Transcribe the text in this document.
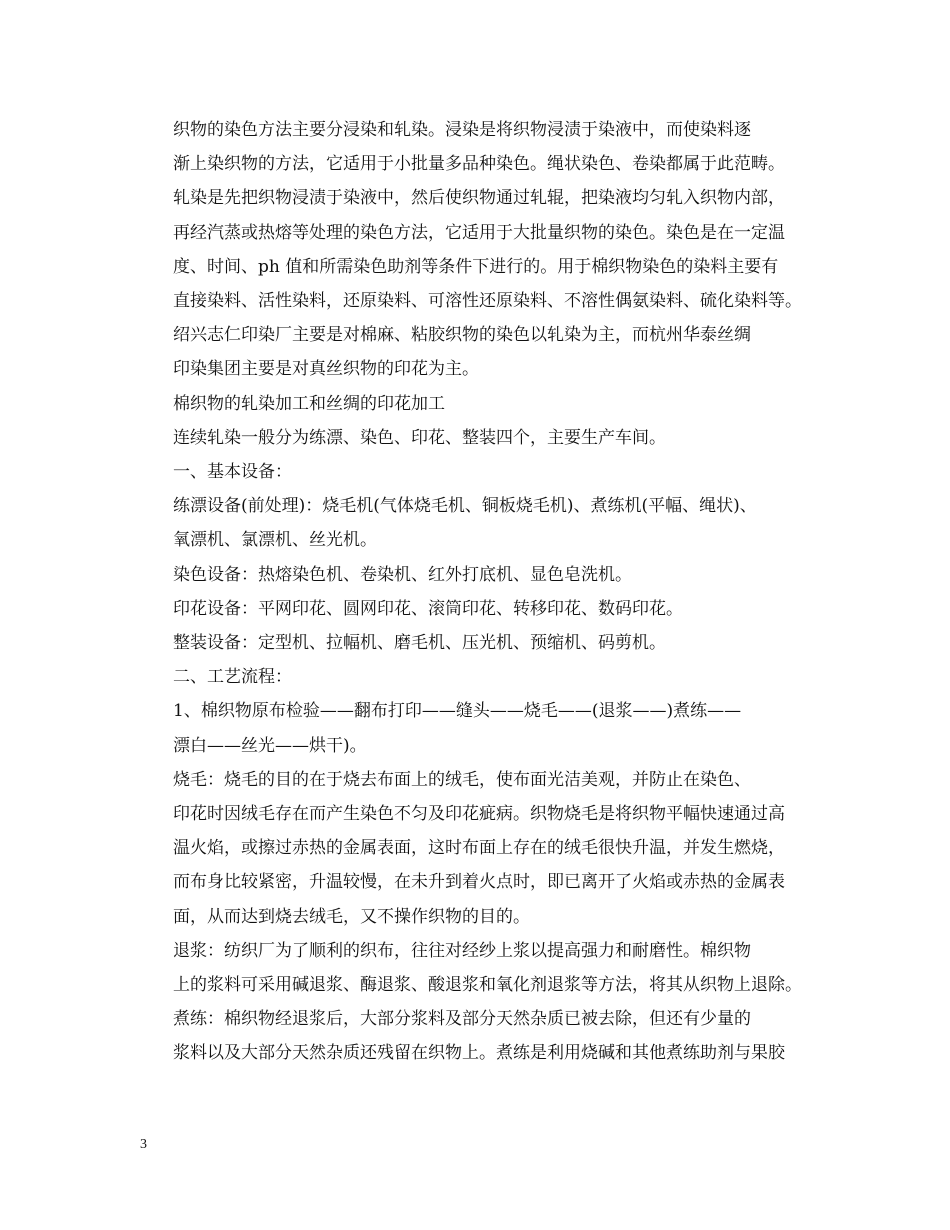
织物的染色方法主要分浸染和轧染。浸染是将织物浸渍于染液中，而使染料逐
渐上染织物的方法，它适用于小批量多品种染色。绳状染色、卷染都属于此范畴。
轧染是先把织物浸渍于染液中，然后使织物通过轧辊，把染液均匀轧入织物内部，
再经汽蒸或热熔等处理的染色方法，它适用于大批量织物的染色。染色是在一定温
度、时间、ph 值和所需染色助剂等条件下进行的。用于棉织物染色的染料主要有
直接染料、活性染料，还原染料、可溶性还原染料、不溶性偶氨染料、硫化染料等。

绍兴志仁印染厂主要是对棉麻、粘胶织物的染色以轧染为主，而杭州华泰丝绸
印染集团主要是对真丝织物的印花为主。

棉织物的轧染加工和丝绸的印花加工

连续轧染一般分为练漂、染色、印花、整装四个，主要生产车间。

一、基本设备：

练漂设备(前处理)：烧毛机(气体烧毛机、铜板烧毛机)、煮练机(平幅、绳状)、
氧漂机、氯漂机、丝光机。

染色设备：热熔染色机、卷染机、红外打底机、显色皂洗机。

印花设备：平网印花、圆网印花、滚筒印花、转移印花、数码印花。

整装设备：定型机、拉幅机、磨毛机、压光机、预缩机、码剪机。

二、工艺流程：

1、棉织物原布检验——翻布打印——缝头——烧毛——(退浆——)煮练——
漂白——丝光——烘干)。

烧毛：烧毛的目的在于烧去布面上的绒毛，使布面光洁美观，并防止在染色、
印花时因绒毛存在而产生染色不匀及印花疵病。织物烧毛是将织物平幅快速通过高
温火焰，或擦过赤热的金属表面，这时布面上存在的绒毛很快升温，并发生燃烧，
而布身比较紧密，升温较慢，在未升到着火点时，即已离开了火焰或赤热的金属表
面，从而达到烧去绒毛，又不操作织物的目的。

退浆：纺织厂为了顺利的织布，往往对经纱上浆以提高强力和耐磨性。棉织物
上的浆料可采用碱退浆、酶退浆、酸退浆和氧化剂退浆等方法，将其从织物上退除。

煮练：棉织物经退浆后，大部分浆料及部分天然杂质已被去除，但还有少量的
浆料以及大部分天然杂质还残留在织物上。煮练是利用烧碱和其他煮练助剂与果胶

3
